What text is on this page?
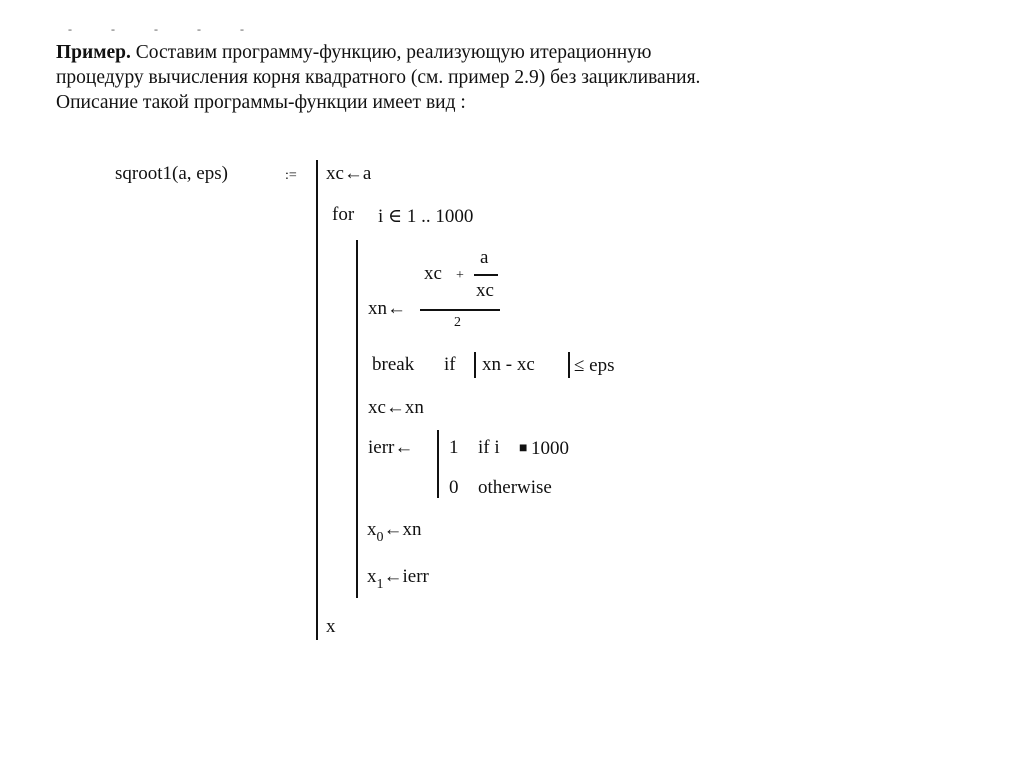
- - - - -
Пример. Составим программу-функцию, реализующую итерационную
процедуру вычисления корня квадратного (см. пример 2.9) без зацикливания.
Описание такой программы-функции имеет вид :
sqroot1(a, eps)	:= xc←a
for i ∈ 1 .. 1000
xn←
xc +
a
xc
2
break if xn - xc ≤ eps
xc←xn
ierr← 1 if i ■ 1000
0 otherwise
$x_0\leftarrow xn$
$x_1\leftarrow ierr$
x
